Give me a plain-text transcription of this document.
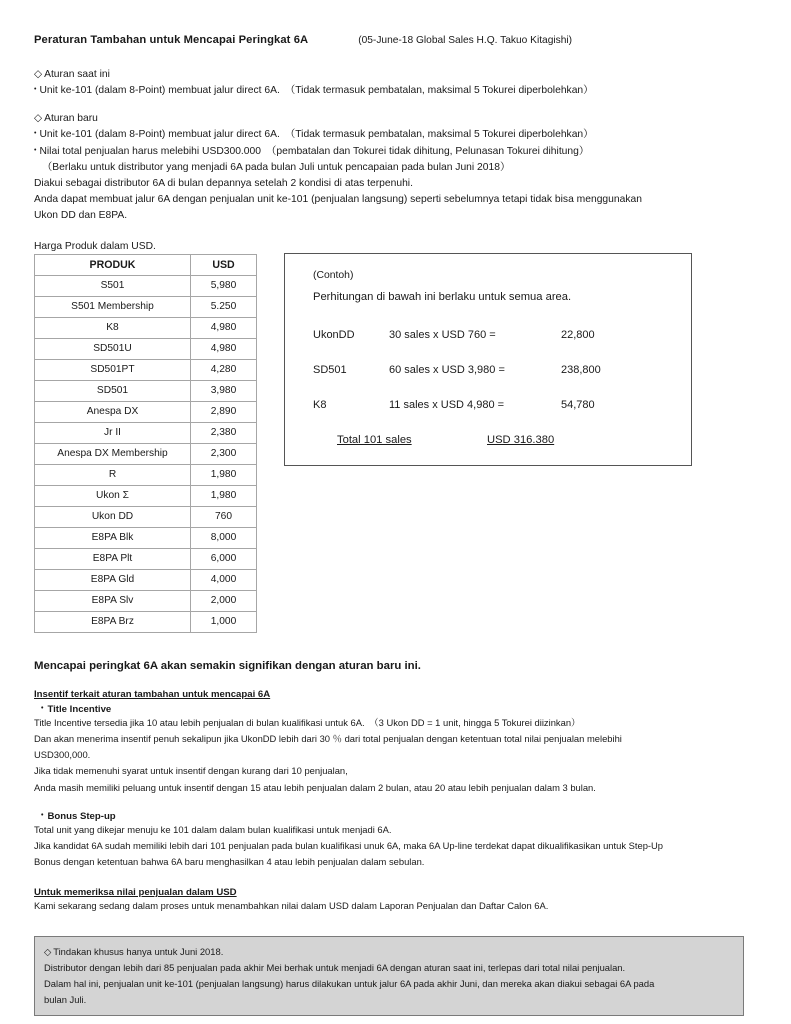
Peraturan Tambahan untuk Mencapai Peringkat 6A	(05-June-18 Global Sales H.Q. Takuo Kitagishi)
◇ Aturan saat ini
• Unit ke-101 (dalam 8-Point) membuat jalur direct 6A.　（Tidak termasuk pembatalan, maksimal 5 Tokurei diperbolehkan）
◇ Aturan baru
• Unit ke-101 (dalam 8-Point) membuat jalur direct 6A.　（Tidak termasuk pembatalan, maksimal 5 Tokurei diperbolehkan）
• Nilai total penjualan harus melebihi USD300.000　（pembatalan dan Tokurei tidak dihitung, Pelunasan Tokurei dihitung）
（Berlaku untuk distributor yang menjadi 6A pada bulan Juli untuk pencapaian pada bulan Juni 2018）
Diakui sebagai distributor 6A di bulan depannya setelah 2 kondisi di atas terpenuhi.
Anda dapat membuat jalur 6A dengan penjualan unit ke-101 (penjualan langsung) seperti sebelumnya tetapi tidak bisa menggunakan
Ukon DD dan E8PA.
Harga Produk dalam USD.
PRODUK	USD
S501	5,980
S501 Membership	5.250
K8	4,980
SD501U	4,980
SD501PT	4,280
SD501	3,980
Anespa DX	2,890
Jr II	2,380
Anespa DX Membership	2,300
R	1,980
Ukon Σ	1,980
Ukon DD	760
E8PA Blk	8,000
E8PA Plt	6,000
E8PA Gld	4,000
E8PA Slv	2,000
E8PA Brz	1,000
(Contoh)
Perhitungan di bawah ini berlaku untuk semua area.
UkonDD	30 sales x USD 760 =	22,800
SD501	60 sales x USD 3,980 =	238,800
K8	11 sales x USD 4,980 =	54,780
Total 101 sales	USD 316.380
Mencapai peringkat 6A akan semakin signifikan dengan aturan baru ini.
Insentif terkait aturan tambahan untuk mencapai 6A
• Title Incentive
Title Incentive tersedia jika 10 atau lebih penjualan di bulan kualifikasi untuk 6A.　（3 Ukon DD = 1 unit, hingga 5 Tokurei diizinkan）
Dan akan menerima insentif penuh sekalipun jika UkonDD lebih dari 30 ％ dari total penjualan dengan ketentuan total nilai penjualan melebihi
USD300,000.
Jika tidak memenuhi syarat untuk insentif dengan kurang dari 10 penjualan,
Anda masih memiliki peluang untuk insentif dengan 15 atau lebih penjualan dalam 2 bulan, atau 20 atau lebih penjualan dalam 3 bulan.
• Bonus Step-up
Total unit yang dikejar menuju ke 101 dalam dalam bulan kualifikasi untuk menjadi 6A.
Jika kandidat 6A sudah memiliki lebih dari 101 penjualan pada bulan kualifikasi unuk 6A, maka 6A Up-line terdekat dapat dikualifikasikan untuk Step-Up
Bonus dengan ketentuan bahwa 6A baru menghasilkan 4 atau lebih penjualan dalam sebulan.
Untuk memeriksa nilai penjualan dalam USD
Kami sekarang sedang dalam proses untuk menambahkan nilai dalam USD dalam Laporan Penjualan dan Daftar Calon 6A.
◇ Tindakan khusus hanya untuk Juni 2018.
Distributor dengan lebih dari 85 penjualan pada akhir Mei berhak untuk menjadi 6A dengan aturan saat ini, terlepas dari total nilai penjualan.
Dalam hal ini, penjualan unit ke-101 (penjualan langsung) harus dilakukan untuk jalur 6A pada akhir Juni, dan mereka akan diakui sebagai 6A pada
bulan Juli.
